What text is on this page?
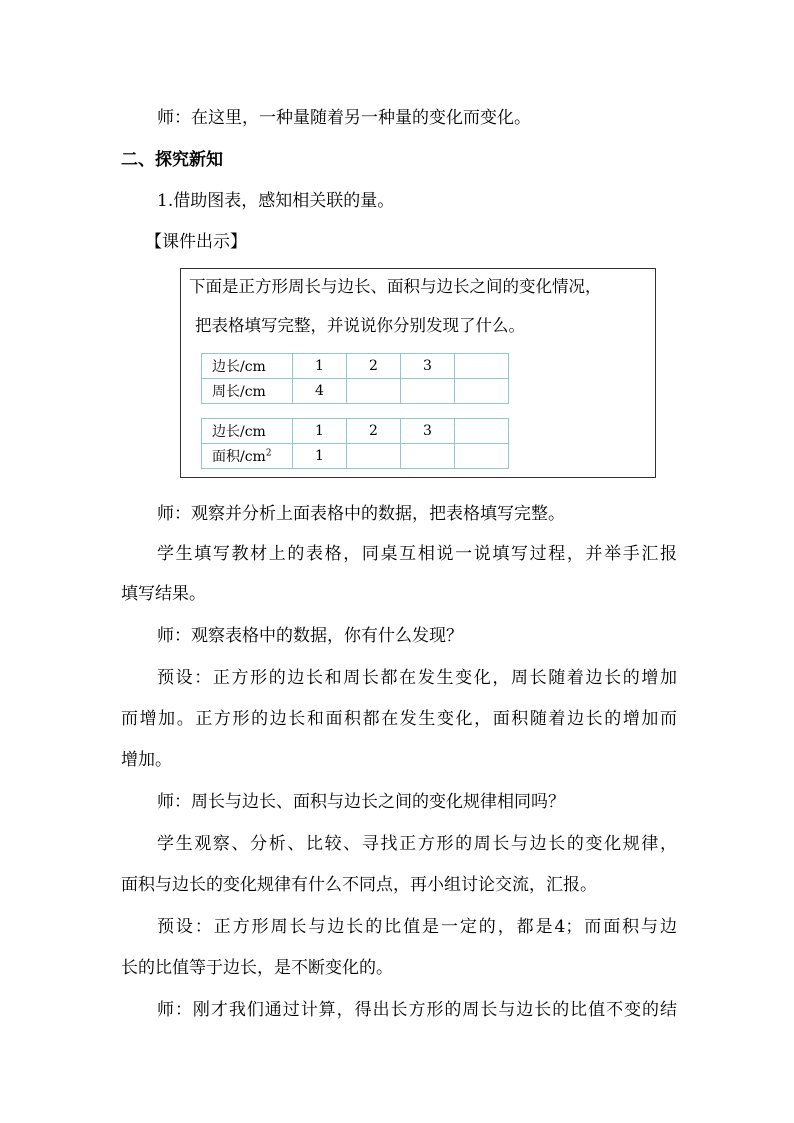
师：在这里，一种量随着另一种量的变化而变化。
二、探究新知
1.借助图表，感知相关联的量。
【课件出示】
下面是正方形周长与边长、面积与边长之间的变化情况，
把表格填写完整，并说说你分别发现了什么。
边长/cm	1	2	3	
周长/cm	4			
边长/cm	1	2	3	
面积$/cm^2$	1			
师：观察并分析上面表格中的数据，把表格填写完整。
学生填写教材上的表格，同桌互相说一说填写过程，并举手汇报
填写结果。
师：观察表格中的数据，你有什么发现？
预设：正方形的边长和周长都在发生变化，周长随着边长的增加
而增加。正方形的边长和面积都在发生变化，面积随着边长的增加而
增加。
师：周长与边长、面积与边长之间的变化规律相同吗？
学生观察、分析、比较、寻找正方形的周长与边长的变化规律，
面积与边长的变化规律有什么不同点，再小组讨论交流，汇报。
预设：正方形周长与边长的比值是一定的，都是4；而面积与边
长的比值等于边长，是不断变化的。
师：刚才我们通过计算，得出长方形的周长与边长的比值不变的结
